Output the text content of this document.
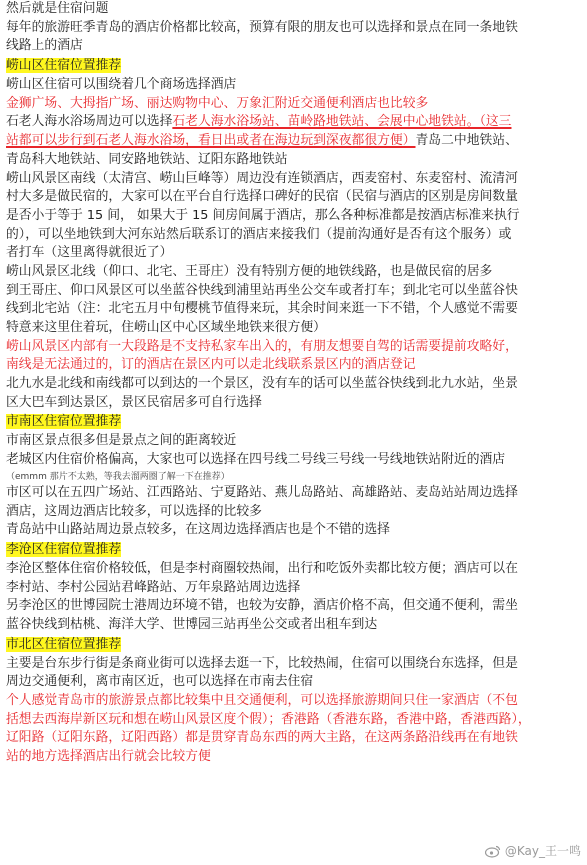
然后就是住宿问题
每年的旅游旺季青岛的酒店价格都比较高，预算有限的朋友也可以选择和景点在同一条地铁
线路上的酒店
崂山区住宿位置推荐
崂山区住宿可以围绕着几个商场选择酒店
金狮广场、大拇指广场、丽达购物中心、万象汇附近交通便利酒店也比较多
石老人海水浴场周边可以选择石老人海水浴场站、苗岭路地铁站、会展中心地铁站。（这三
站都可以步行到石老人海水浴场，看日出或者在海边玩到深夜都很方便）青岛二中地铁站、
青岛科大地铁站、同安路地铁站、辽阳东路地铁站
崂山风景区南线（太清宫、崂山巨峰等）周边没有连锁酒店，西麦窑村、东麦窑村、流清河
村大多是做民宿的，大家可以在平台自行选择口碑好的民宿（民宿与酒店的区别是房间数量
是否小于等于 15 间， 如果大于 15 间房间属于酒店，那么各种标准都是按酒店标准来执行
的），可以坐地铁到大河东站然后联系订的酒店来接我们（提前沟通好是否有这个服务）或
者打车（这里离得就很近了）
崂山风景区北线（仰口、北宅、王哥庄）没有特别方便的地铁线路，也是做民宿的居多
到王哥庄、仰口风景区可以坐蓝谷快线到浦里站再坐公交车或者打车；到北宅可以坐蓝谷快
线到北宅站（注：北宅五月中旬樱桃节值得来玩，其余时间来逛一下不错，个人感觉不需要
特意来这里住着玩，住崂山区中心区域坐地铁来很方便）
崂山风景区内部有一大段路是不支持私家车出入的，有朋友想要自驾的话需要提前攻略好，
南线是无法通过的，订的酒店在景区内可以走北线联系景区内的酒店登记
北九水是北线和南线都可以到达的一个景区，没有车的话可以坐蓝谷快线到北九水站，坐景
区大巴车到达景区，景区民宿居多可自行选择
市南区住宿位置推荐
市南区景点很多但是景点之间的距离较近
老城区内住宿价格偏高，大家也可以选择在四号线二号线三号线一号线地铁站附近的酒店
（emmm 那片不太熟，等我去溜两圈了解一下在推荐）
市区可以在五四广场站、江西路站、宁夏路站、燕儿岛路站、高雄路站、麦岛站站周边选择
酒店，这周边酒店比较多，可以选择的比较多
青岛站中山路站周边景点较多，在这周边选择酒店也是个不错的选择
李沧区住宿位置推荐
李沧区整体住宿价格较低，但是李村商圈较热闹，出行和吃饭外卖都比较方便；酒店可以在
李村站、李村公园站君峰路站、万年泉路站周边选择
另李沧区的世博园院士港周边环境不错，也较为安静，酒店价格不高，但交通不便利，需坐
蓝谷快线到枯桃、海洋大学、世博园三站再坐公交或者出租车到达
市北区住宿位置推荐
主要是台东步行街是条商业街可以选择去逛一下，比较热闹，住宿可以围绕台东选择，但是
周边交通便利，离市南区近，也可以选择在市南去住宿
个人感觉青岛市的旅游景点都比较集中且交通便利，可以选择旅游期间只住一家酒店（不包
括想去西海岸新区玩和想在崂山风景区度个假）；香港路（香港东路，香港中路，香港西路），
辽阳路（辽阳东路，辽阳西路）都是贯穿青岛东西的两大主路，在这两条路沿线再在有地铁
站的地方选择酒店出行就会比较方便
@Kay_王一鸣
